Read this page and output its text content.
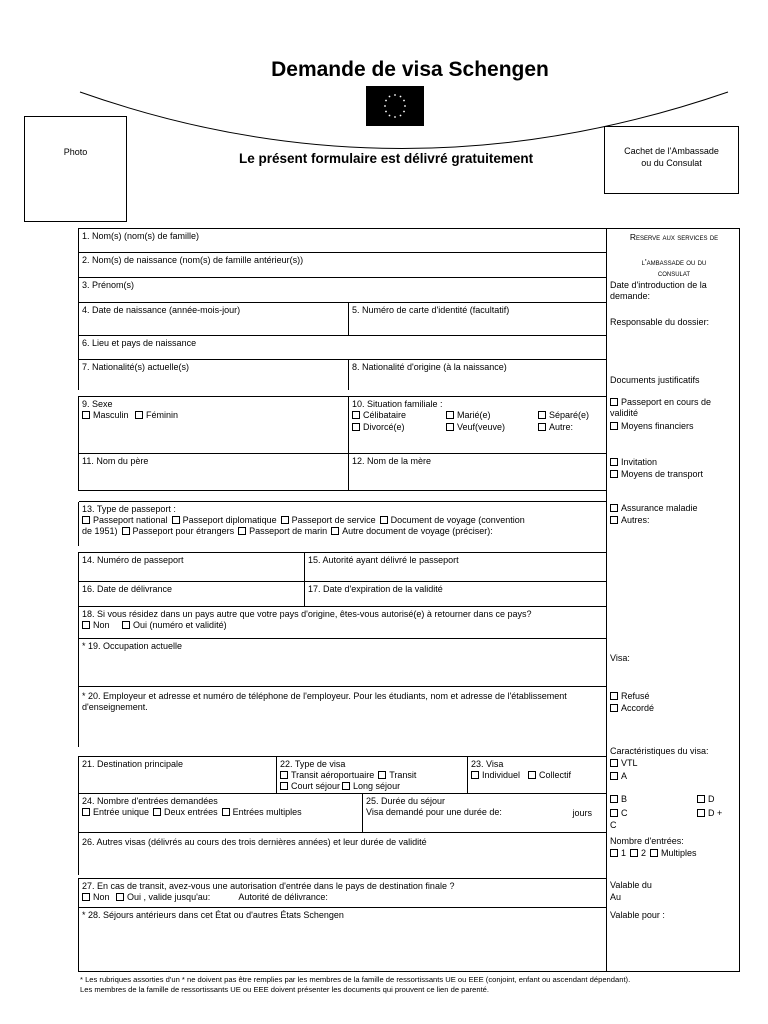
Demande de visa Schengen
Photo	Le présent formulaire est délivré gratuitement	Cachet de l'Ambassade
ou du Consulat
1. Nom(s) (nom(s) de famille)
2. Nom(s) de naissance (nom(s) de famille antérieur(s))
3. Prénom(s)
4. Date de naissance (année-mois-jour)	5. Numéro de carte d'identité (facultatif)
6. Lieu et pays de naissance
7. Nationalité(s) actuelle(s)	8. Nationalité d'origine (à la naissance)
9. Sexe
Masculin Féminin
10. Situation familiale :
Célibataire	Marié(e)	Séparé(e)
Divorcé(e)	Veuf(veuve)	Autre:
11. Nom du père	12. Nom de la mère
13. Type de passeport :
Passeport national Passeport diplomatique Passeport de service Document de voyage (convention
de 1951) Passeport pour étrangers Passeport de marin Autre document de voyage (préciser):
14. Numéro de passeport	15. Autorité ayant délivré le passeport
16. Date de délivrance	17. Date d'expiration de la validité
18. Si vous résidez dans un pays autre que votre pays d'origine, êtes-vous autorisé(e) à retourner dans ce pays?
Non	Oui (numéro et validité)
* 19. Occupation actuelle
* 20. Employeur et adresse et numéro de téléphone de l'employeur. Pour les étudiants, nom et adresse de l'établissement d'enseignement.
21. Destination principale	22. Type de visa
Transit aéroportuaire Transit
Court séjour Long séjour
23. Visa
Individuel Collectif
24. Nombre d'entrées demandées
Entrée unique Deux entrées Entrées multiples
25. Durée du séjour
Visa demandé pour une durée de:	jours
26. Autres visas (délivrés au cours des trois dernières années) et leur durée de validité
27. En cas de transit, avez-vous une autorisation d'entrée dans le pays de destination finale ?
Non Oui , valide jusqu'au:	Autorité de délivrance:
* 28. Séjours antérieurs dans cet État ou d'autres États Schengen
Reserve aux services de
l'ambassade ou du
consulat
Date d'introduction de la demande:
Responsable du dossier:
Documents justificatifs
Passeport en cours de validité
Moyens financiers
Invitation
Moyens de transport
Assurance maladie
Autres:
Visa:
Refusé
Accordé
Caractéristiques du visa:
VTL
A
B	D
C	D +
C
Nombre d'entrées:
1 2 Multiples
Valable du
Au
Valable pour :
* Les rubriques assorties d'un * ne doivent pas être remplies par les membres de la famille de ressortissants UE ou EEE (conjoint, enfant ou ascendant dépendant). Les membres de la famille de ressortissants UE ou EEE doivent présenter les documents qui prouvent ce lien de parenté.
